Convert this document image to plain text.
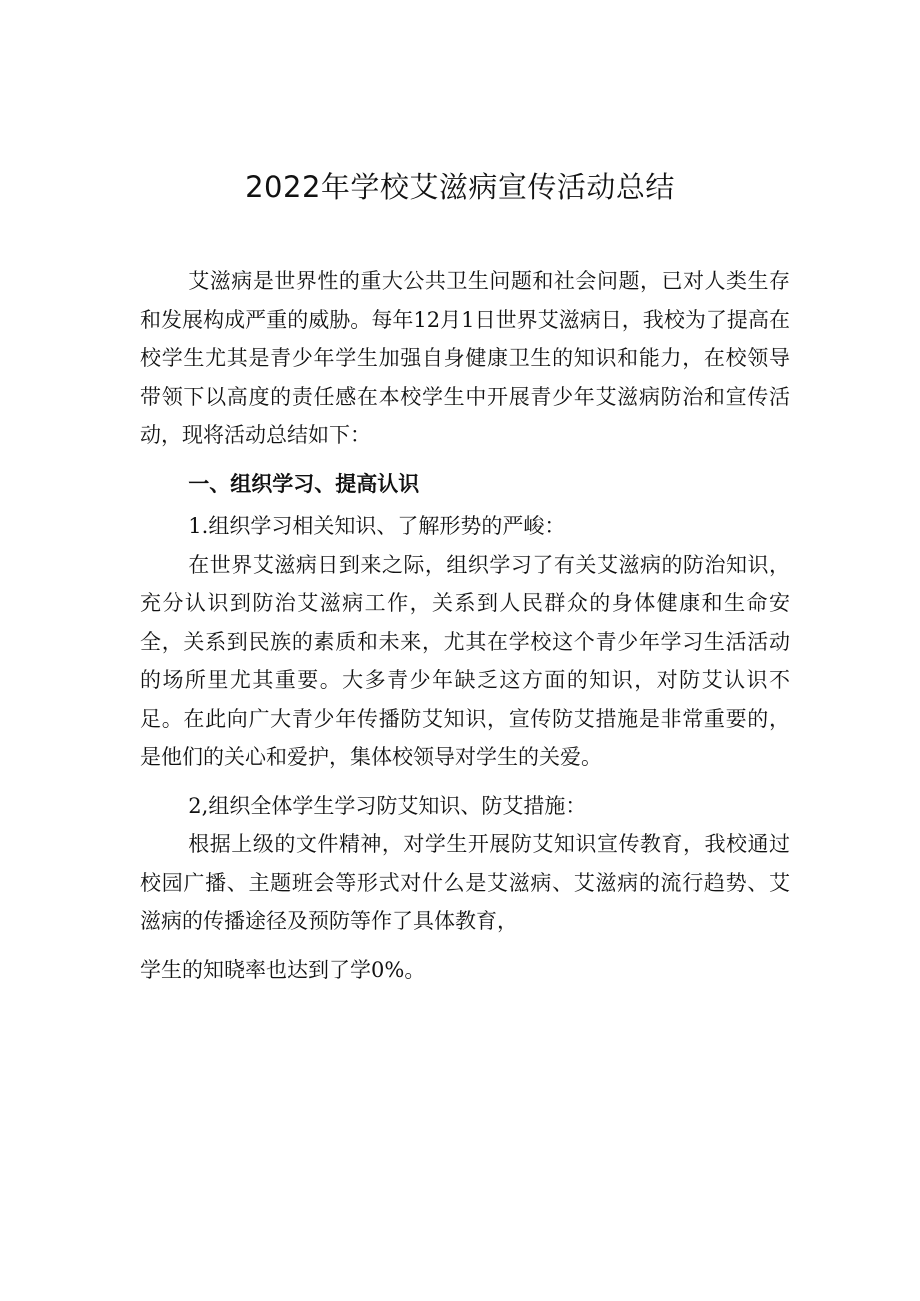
2022年学校艾滋病宣传活动总结

艾滋病是世界性的重大公共卫生问题和社会问题，已对人类生存和发展构成严重的威胁。每年12月1日世界艾滋病日，我校为了提高在校学生尤其是青少年学生加强自身健康卫生的知识和能力，在校领导带领下以高度的责任感在本校学生中开展青少年艾滋病防治和宣传活动，现将活动总结如下：

一、组织学习、提高认识

1.组织学习相关知识、了解形势的严峻：

在世界艾滋病日到来之际，组织学习了有关艾滋病的防治知识，充分认识到防治艾滋病工作，关系到人民群众的身体健康和生命安全，关系到民族的素质和未来，尤其在学校这个青少年学习生活活动的场所里尤其重要。大多青少年缺乏这方面的知识，对防艾认识不足。在此向广大青少年传播防艾知识，宣传防艾措施是非常重要的，是他们的关心和爱护，集体校领导对学生的关爱。

2,组织全体学生学习防艾知识、防艾措施：

根据上级的文件精神，对学生开展防艾知识宣传教育，我校通过校园广播、主题班会等形式对什么是艾滋病、艾滋病的流行趋势、艾滋病的传播途径及预防等作了具体教育，

学生的知晓率也达到了学0%。
